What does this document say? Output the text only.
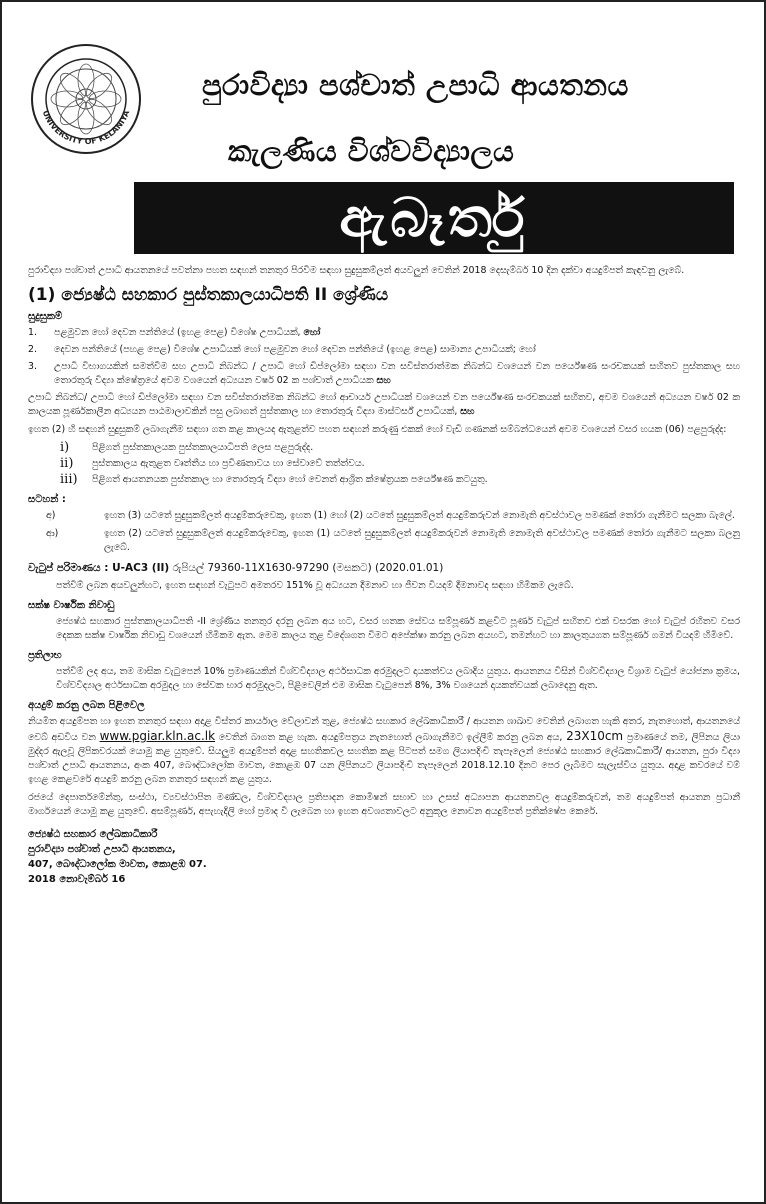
UNIVERSITY OF KELANIYA
පුරාවිද්‍යා පශ්චාත් උපාධි ආයතනය
කැලණිය විශ්වවිද්‍යාලය
ඇබෑර්තු

පුරාවිද්‍යා පශ්චාත් උපාධි ආයතනයේ පවත්නා පහත සඳහන් තනතුර පිරවීම සඳහා සුදුසුකම්ලත් අයවලුන් වෙතින් 2018 දෙසැම්බර් 10 දින දක්වා අයදුම්පත් කැඳවනු ලැබේ.

(1) ජ්‍යෙෂ්ඨ සහකාර පුස්තකාලයාධිපති II ශ්‍රේණිය
සුදුසුකම්
1.	පළමුවන හෝ දෙවන පන්තියේ (ඉහළ පෙළ) විශේෂ උපාධියක්, හෝ
2.	දෙවන පන්තියේ (පහළ පෙළ) විශේෂ උපාධියක් හෝ පළමුවන හෝ දෙවන පන්තියේ (ඉහළ පෙළ) සාමාන්‍ය උපාධියක්; හෝ
3.	උපාධි විභාගයකින් සමත්වීම සහ උපාධි නිබන්ධ / උපාධි හෝ ඩිප්ලෝමා සඳහා වන සවිස්තරාත්මක නිබන්ධ වශයෙන් වන පර්යේෂණ සංරචකයක් සහිතව පුස්තකාල සහ තොරතුරු විද්‍යා ක්ෂේත්‍රයේ අවම වශයෙන් අධ්‍යයන වර්ෂ 02 ක පශ්චාත් උපාධියක සහ

උපාධි නිබන්ධ/ උපාධි හෝ ඩිප්ලෝමා සඳහා වන සවිස්තරාත්මක නිබන්ධ හෝ ආචාර්ය උපාධියක් වශයෙන් වන පර්යේෂණ සංරචකයක් සහිතව, අවම වශයෙන් අධ්‍යයන වර්ෂ 02 ක කාලයක පූර්ණකාලීන අධ්‍යයන පාඨමාලාවකින් පසු ලබාගත් පුස්තකාල හා තොරතුරු විද්‍යා මාස්ටර්ස් උපාධියක්, සහ

ඉහත (2) හි සඳහන් සුදුසුකම් ලබාගැනීම සඳහා ගත කළ කාලයද ඇතුළත්ව පහත සඳහන් කරුණු එකක් හෝ වැඩි ගණනක් සම්බන්ධයෙන් අවම වශයෙන් වසර හයක (06) පළපුරුද්ද:

i)	පිළිගත් පුස්තකාලයක පුස්තකාලයාධිපති ලෙස පළපුරුද්ද.
ii)	පුස්තකාලය ඇතුළත වෘත්තීය හා ප්‍රවීණතාවය හා සේවාවේ තත්ත්වය.
iii)	පිළිගත් ආයතනයක පුස්තකාල හා තොරතුරු විද්‍යා හෝ වෙනත් ආශ්‍රිත ක්ෂේත්‍රයක පර්යේෂණ කටයුතු.
සටහන් :
අ)	ඉහත (3) යටතේ සුදුසුකම්ලත් අයදුම්කරුවෙකු, ඉහත (1) හෝ (2) යටතේ සුදුසුකම්ලත් අයදුම්කරුවන් නොමැති අවස්ථාවල පමණක් තෝරා ගැනීමට සලකා බැලේ.
ආ)	ඉහත (2) යටතේ සුදුසුකම්ලත් අයදුම්කරුවෙකු, ඉහත (1) යටතේ සුදුසුකම්ලත් අයදුම්කරුවන් නොමැති නොමැති අවස්ථාවල පමණක් තෝරා ගැනීමට සලකා බලනු ලැබේ.
වැටුප් පරිමාණය : U-AC3 (II) රුපියල් 79360-11X1630-97290 (මසකට) (2020.01.01)

පත්වීම් ලබන අයවලුන්හට, ඉහත සඳහන් වැටුපට අමතරව 151% වූ අධ්‍යයන දීමනාව හා ජීවන වියදම් දීමනාවද සඳහා හිමිකම ලැබේ.

සක්ෂ වාර්ෂික නිවාඩු

ජ්‍යෙෂ්ඨ සහකාර පුස්තකාලයාධිපති -II ශ්‍රේණිය තනතුර දරනු ලබන අය හට, වසර හතක සේවය සම්පූර්ණ කළවිට පූර්ණ වැටුප් සහිතව එක් වසරක හෝ වැටුප් රහිතව වසර දෙකක සක්ෂ වාර්ෂික නිවාඩු වශයෙන් හිමිකම ඇත. මෙම කාලය තුළ විදේශගත වීමට අපේක්ෂා කරනු ලබන අයහට, තමන්හට හා කාලතුයගත සම්පූර්ණ ගමන් වියදම් හිමිවේ.

ප්‍රතිලාභ

පත්වීම් ලද අය, තම මාසික වැටුපෙන් 10% ප්‍රමාණයකින් විශ්වවිද්‍යාල අර්ථසාධක අරමුදලට දායකත්වය ලබාදිය යුතුය. ආයතනය විසින් විශ්වවිද්‍යාල විශ්‍රාම වැටුප් යෝජනා ක්‍රමය, විශ්වවිද්‍යාල අර්ථසාධක අරමුදල හා සේවක භාර අරමුදලට, පිළිවෙලින් එම මාසික වැටුපෙන් 8%, 3% වශයෙන් දායකත්වයක් ලබාදෙනු ඇත.

අයදුම් කරනු ලබන පිළිවෙල

නියමිත අයදුම්පත හා ඉහත තනතුර සඳහා අදාළ විස්තර කාර්යාල වේලාවන් තුළ, ජ්‍යෙෂ්ඨ සහකාර ලේඛකාධිකාරී / ආයතන ශාඛාව වෙතින් ලබාගත හැකි අතර, නැතහොත්, ආයතනයේ වෙබ් අඩවිය වන www.pgiar.kln.ac.lk වෙතින් බාගත කළ හැක. අයදුම්පත්‍රය නැතහොත් ලබාගැනීමට ඉල්ලීම් කරනු ලබන අය, 23X10cm ප්‍රමාණයේ තම, ලිපිනය ලියා මුද්දර ඇලවූ ලිපිකවරයක් යොමු කළ යුතුවේ. සියලුම අයදුම්පත් අදාළ සහතිකවල සහතික කළ පිටපත් සමග ලියාපදිංචි තැපෑලෙන් ජ්‍යෙෂ්ඨ සහකාර ලේඛකාධිකාරී/ ආයතන, පුරා විද්‍යා පශ්චාත් උපාධි ආයතනය, අංක 407, බෞද්ධාලෝක මාවත, කොළඹ 07 යන ලිපිනයට ලියාපදිංචි තැපෑලෙන් 2018.12.10 දිනට පෙර ලැබීමට සැලැස්විය යුතුය. අදාළ කවරයේ වම් ඉහළ කෙළවරේ අයදුම් කරනු ලබන තනතුර සඳහන් කළ යුතුය.

රජයේ දෙපාර්තමේන්තු, සංස්ථා, ව්‍යවස්ථාපිත මණ්ඩල, විශ්වවිද්‍යාල ප්‍රතිපාදන කොමිෂන් සභාව හා උසස් අධ්‍යාපන ආයතනවල අයදුම්කරුවන්, තම අයදුම්පත් ආයතන ප්‍රධානී මාර්ගයෙන් යොමු කළ යුතුවේ. අසම්පූර්ණ, අපැහැදිලි හෝ ප්‍රමාද වී ලැබෙන හා ඉහත අවශ්‍යතාවලට අනුකූල නොවන අයදුම්පත් ප්‍රතික්ෂේප කෙරේ.

ජ්‍යෙෂ්ඨ සහකාර ලේඛකාධිකාරී
පුරාවිද්‍යා පශ්චාත් උපාධි ආයතනය,
407, බෞද්ධාලෝක මාවත, කොළඹ 07.
2018 නොවැම්බර් 16
